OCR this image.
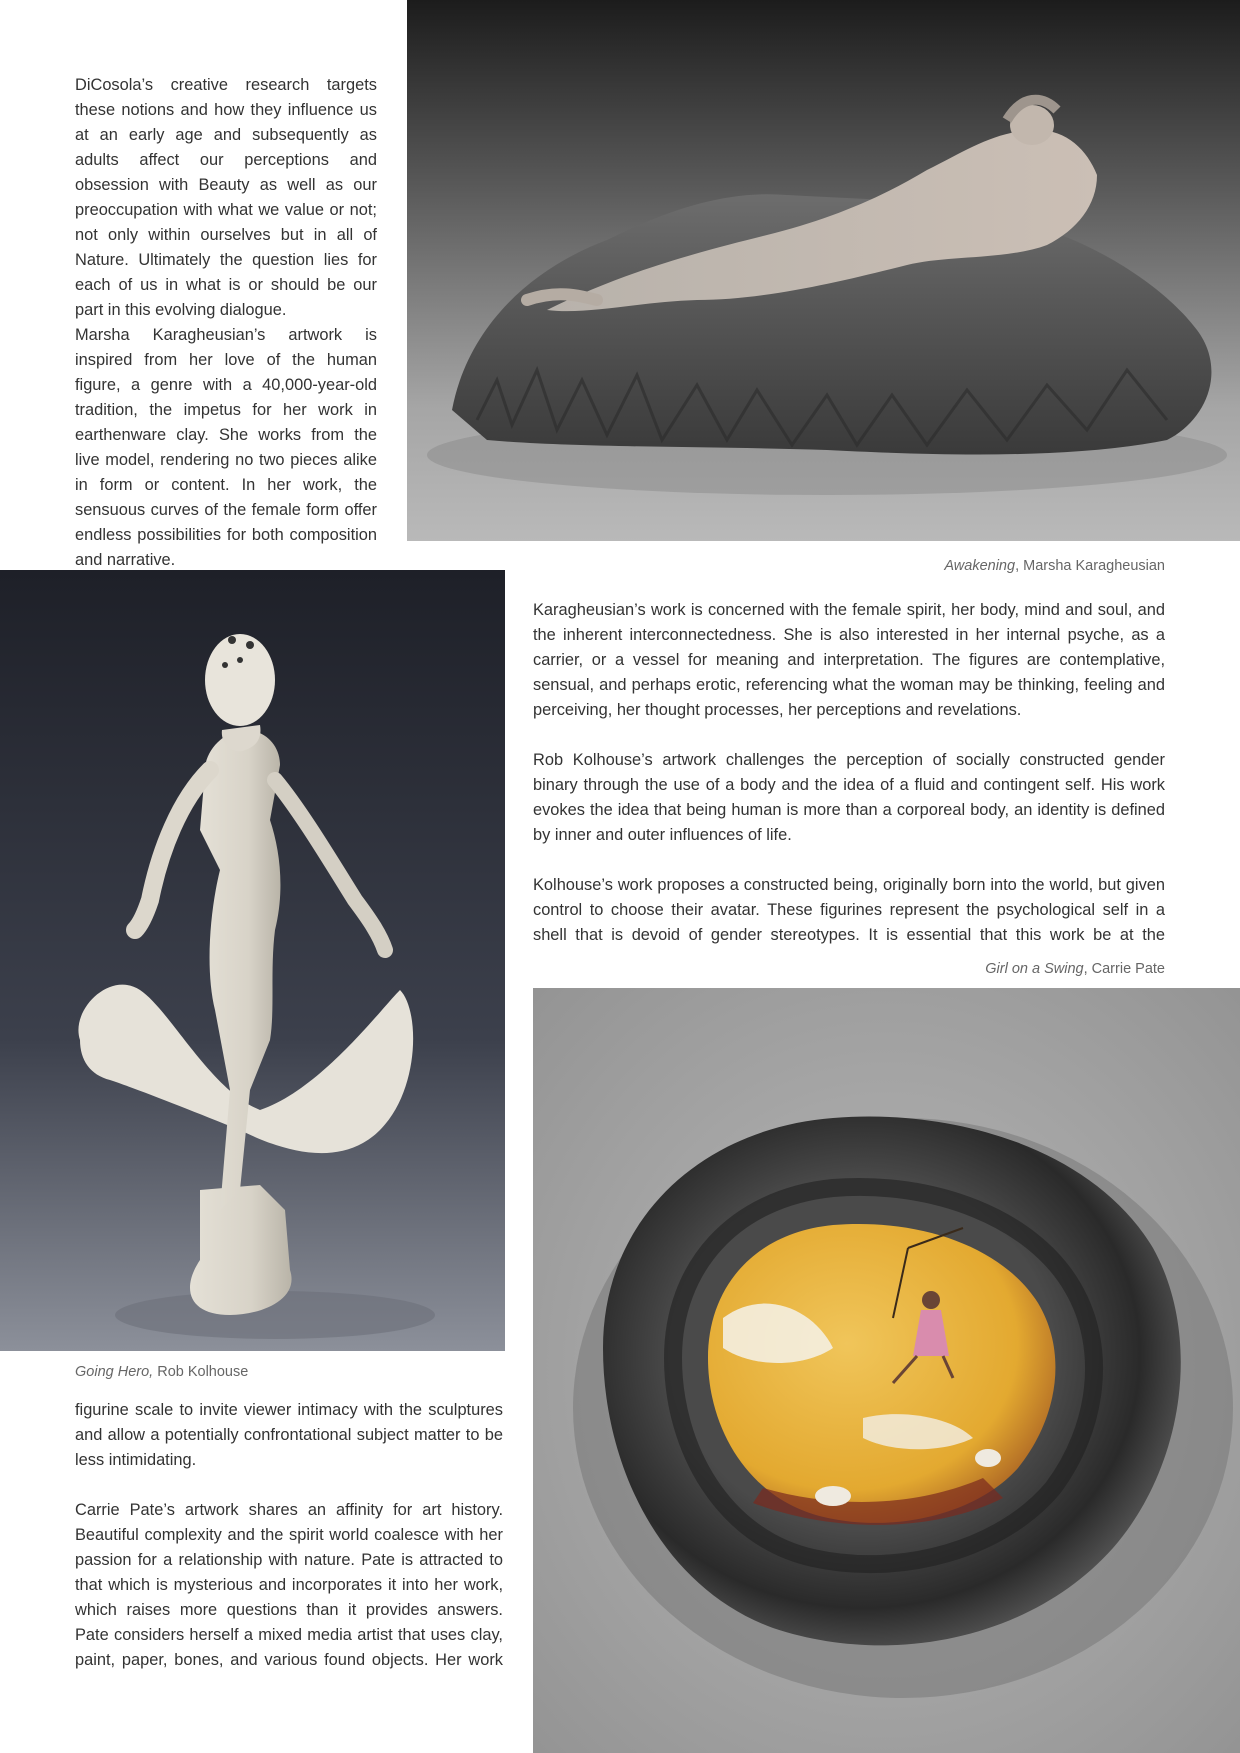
DiCosola’s creative research targets these notions and how they influence us at an early age and subsequently as adults affect our perceptions and obsession with Beauty as well as our preoccupation with what we value or not; not only within ourselves but in all of Nature. Ultimately the question lies for each of us in what is or should be our part in this evolving dialogue.

Marsha Karagheusian’s artwork is inspired from her love of the human figure, a genre with a 40,000-year-old tradition, the impetus for her work in earthenware clay. She works from the live model, rendering no two pieces alike in form or content. In her work, the sensuous curves of the female form offer endless possibilities for both composition and narrative.	Awakening, Marsha Karagheusian

Karagheusian’s work is concerned with the female spirit, her body, mind and soul, and the inherent interconnectedness. She is also interested in her internal psyche, as a carrier, or a vessel for meaning and interpretation. The figures are contemplative, sensual, and perhaps erotic, referencing what the woman may be thinking, feeling and perceiving, her thought processes, her perceptions and revelations.

Rob Kolhouse’s artwork challenges the perception of socially constructed gender binary through the use of a body and the idea of a fluid and contingent self. His work evokes the idea that being human is more than a corporeal body, an identity is defined by inner and outer influences of life.

Kolhouse’s work proposes a constructed being, originally born into the world, but given control to choose their avatar. These figurines represent the psychological self in a shell that is devoid of gender stereotypes. It is essential that this work be at the

Girl on a Swing, Carrie Pate
Going Hero, Rob Kolhouse

figurine scale to invite viewer intimacy with the sculptures and allow a potentially confrontational subject matter to be less intimidating.

Carrie Pate’s artwork shares an affinity for art history. Beautiful complexity and the spirit world coalesce with her passion for a relationship with nature. Pate is attracted to that which is mysterious and incorporates it into her work, which raises more questions than it provides answers. Pate considers herself a mixed media artist that uses clay, paint, paper, bones, and various found objects. Her work
